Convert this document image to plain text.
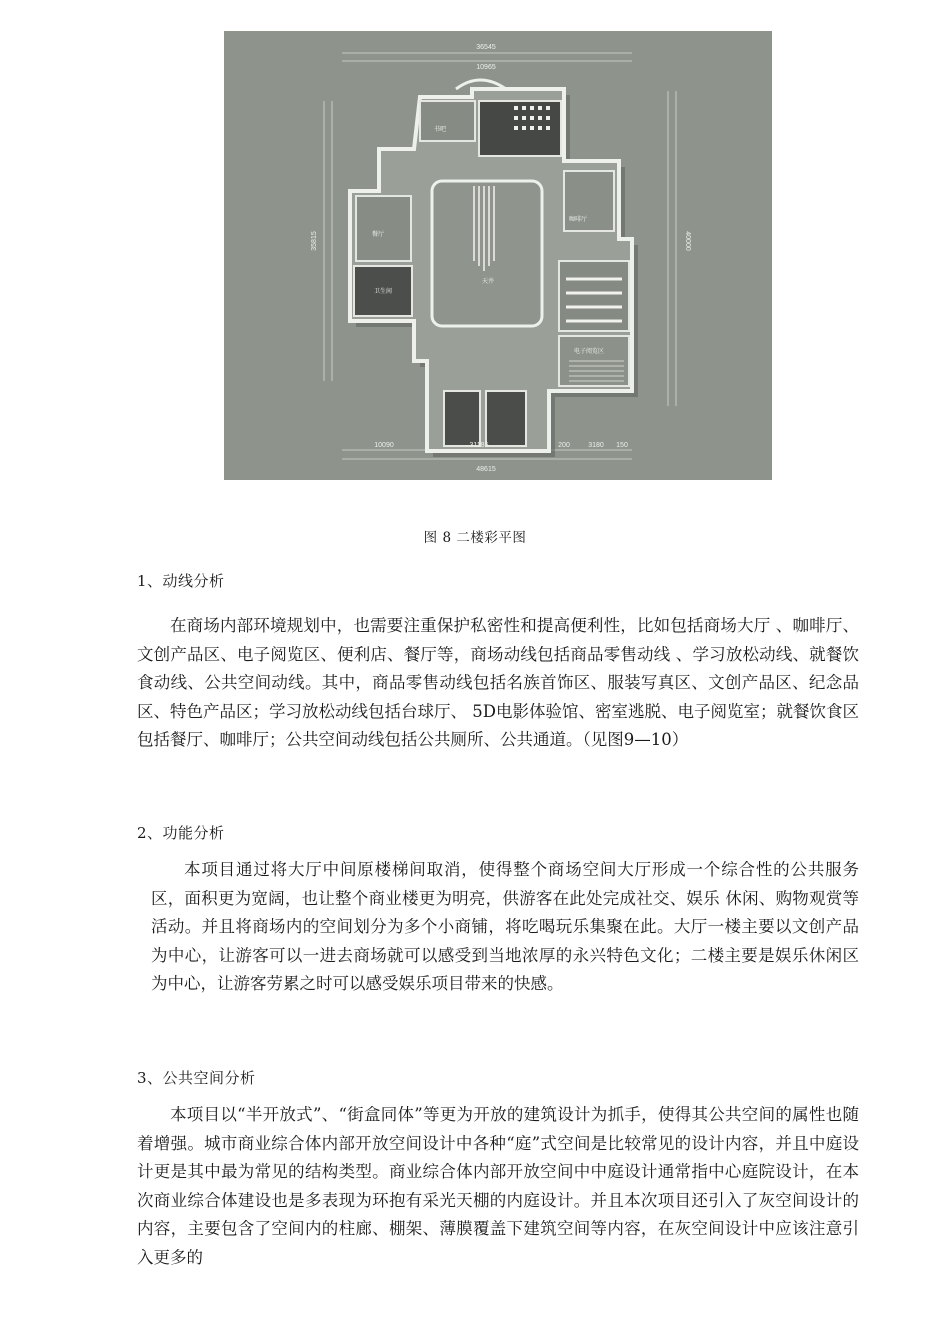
36545
10965
48615
10090	31185	200	3180 150
35815	40000
餐厅
天井
咖啡厅
卫生间
书吧
电子阅览区
图 8 二楼彩平图
1、动线分析

在商场内部环境规划中，也需要注重保护私密性和提高便利性，比如包括商场大厅 、咖啡厅、文创产品区、电子阅览区、便利店、餐厅等，商场动线包括商品零售动线 、学习放松动线、就餐饮食动线、公共空间动线。其中，商品零售动线包括名族首饰区、服装写真区、文创产品区、纪念品区、特色产品区；学习放松动线包括台球厅、 5D电影体验馆、密室逃脱、电子阅览室；就餐饮食区包括餐厅、咖啡厅；公共空间动线包括公共厕所、公共通道。（见图9—10）

2、功能分析

本项目通过将大厅中间原楼梯间取消，使得整个商场空间大厅形成一个综合性的公共服务区，面积更为宽阔，也让整个商业楼更为明亮，供游客在此处完成社交、娱乐 休闲、购物观赏等活动。并且将商场内的空间划分为多个小商铺，将吃喝玩乐集聚在此。大厅一楼主要以文创产品为中心，让游客可以一进去商场就可以感受到当地浓厚的永兴特色文化；二楼主要是娱乐休闲区为中心，让游客劳累之时可以感受娱乐项目带来的快感。

3、公共空间分析

本项目以“半开放式”、“街盒同体”等更为开放的建筑设计为抓手，使得其公共空间的属性也随着增强。城市商业综合体内部开放空间设计中各种“庭”式空间是比较常见的设计内容，并且中庭设计更是其中最为常见的结构类型。商业综合体内部开放空间中中庭设计通常指中心庭院设计，在本次商业综合体建设也是多表现为环抱有采光天棚的内庭设计。并且本次项目还引入了灰空间设计的内容，主要包含了空间内的柱廊、棚架、薄膜覆盖下建筑空间等内容，在灰空间设计中应该注意引入更多的
